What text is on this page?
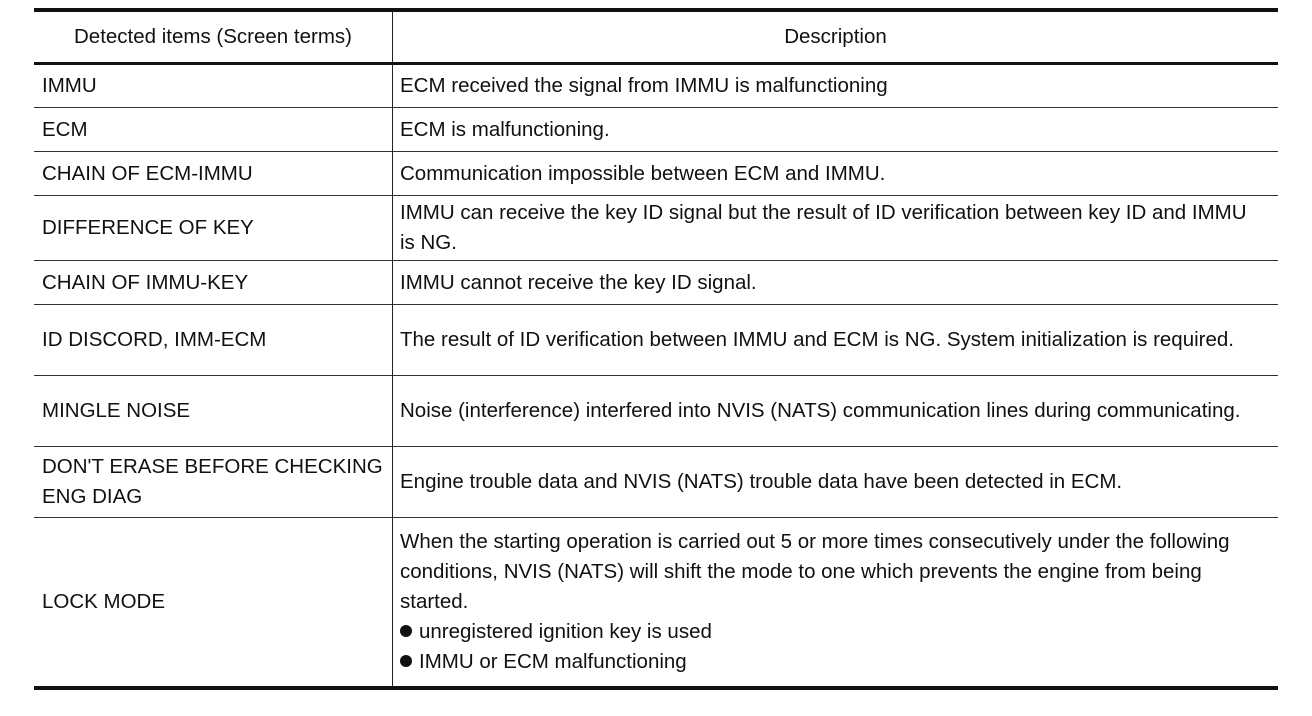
Detected items (Screen terms)	Description
IMMU	ECM received the signal from IMMU is malfunctioning
ECM	ECM is malfunctioning.
CHAIN OF ECM-IMMU	Communication impossible between ECM and IMMU.
DIFFERENCE OF KEY	IMMU can receive the key ID signal but the result of ID verification between key ID and IMMU is NG.
CHAIN OF IMMU-KEY	IMMU cannot receive the key ID signal.
ID DISCORD, IMM-ECM	The result of ID verification between IMMU and ECM is NG. System initialization is required.
MINGLE NOISE	Noise (interference) interfered into NVIS (NATS) communication lines during communicating.
DON'T ERASE BEFORE CHECKING ENG DIAG	Engine trouble data and NVIS (NATS) trouble data have been detected in ECM.
LOCK MODE	When the starting operation is carried out 5 or more times consecutively under the following conditions, NVIS (NATS) will shift the mode to one which prevents the engine from being started.
unregistered ignition key is used
IMMU or ECM malfunctioning
